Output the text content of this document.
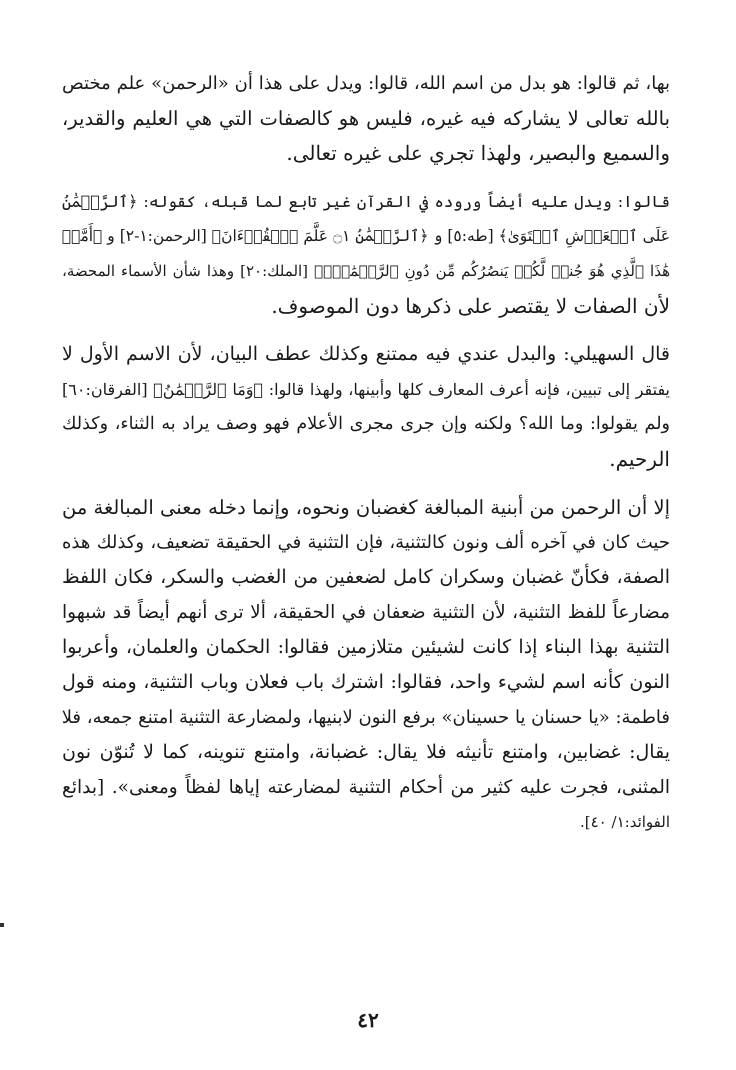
بها، ثم قالوا: هو بدل من اسم الله، قالوا: ويدل على هذا أن «الرحمن» علم مختص
بالله تعالى لا يشاركه فيه غيره، فليس هو كالصفات التي هي العليم والقدير،
والسميع والبصير، ولهذا تجري على غيره تعالى.

قالوا: ويدل عليه أيضاً وروده في القرآن غير تابع لما قبله، كقوله: ﴿ٱلرَّحۡمَٰنُ
عَلَى ٱلۡعَرۡشِ ٱسۡتَوَىٰ﴾ [طه:٥] و ﴿ٱلرَّحۡمَٰنُ ۝١ عَلَّمَ ٱلۡقُرۡءَانَ﴾ [الرحمن:١-٢] و ﴿أَمَّنۡ
هَٰذَا ٱلَّذِي هُوَ جُندٞ لَّكُمۡ يَنصُرُكُم مِّن دُونِ ٱلرَّحۡمَٰنِۚ﴾ [الملك:٢٠] وهذا شأن الأسماء المحضة،
لأن الصفات لا يقتصر على ذكرها دون الموصوف.

قال السهيلي: والبدل عندي فيه ممتنع وكذلك عطف البيان، لأن الاسم الأول لا
يفتقر إلى تبيين، فإنه أعرف المعارف كلها وأبينها، ولهذا قالوا: ﴿وَمَا ٱلرَّحۡمَٰنُ﴾ [الفرقان:٦٠]
ولم يقولوا: وما الله؟ ولكنه وإن جرى مجرى الأعلام فهو وصف يراد به الثناء، وكذلك
الرحيم.

إلا أن الرحمن من أبنية المبالغة كغضبان ونحوه، وإنما دخله معنى المبالغة من
حيث كان في آخره ألف ونون كالتثنية، فإن التثنية في الحقيقة تضعيف، وكذلك هذه
الصفة، فكأنّ غضبان وسكران كامل لضعفين من الغضب والسكر، فكان اللفظ
مضارعاً للفظ التثنية، لأن التثنية ضعفان في الحقيقة، ألا ترى أنهم أيضاً قد شبهوا
التثنية بهذا البناء إذا كانت لشيئين متلازمين فقالوا: الحكمان والعلمان، وأعربوا
النون كأنه اسم لشيء واحد، فقالوا: اشترك باب فعلان وباب التثنية، ومنه قول
فاطمة: «يا حسنان يا حسينان» برفع النون لابنيها، ولمضارعة التثنية امتنع جمعه، فلا
يقال: غضابين، وامتنع تأنيثه فلا يقال: غضبانة، وامتنع تنوينه، كما لا تُنوّن نون
المثنى، فجرت عليه كثير من أحكام التثنية لمضارعته إياها لفظاً ومعنى». [بدائع
الفوائد:١/ ٤٠].

٤٢
